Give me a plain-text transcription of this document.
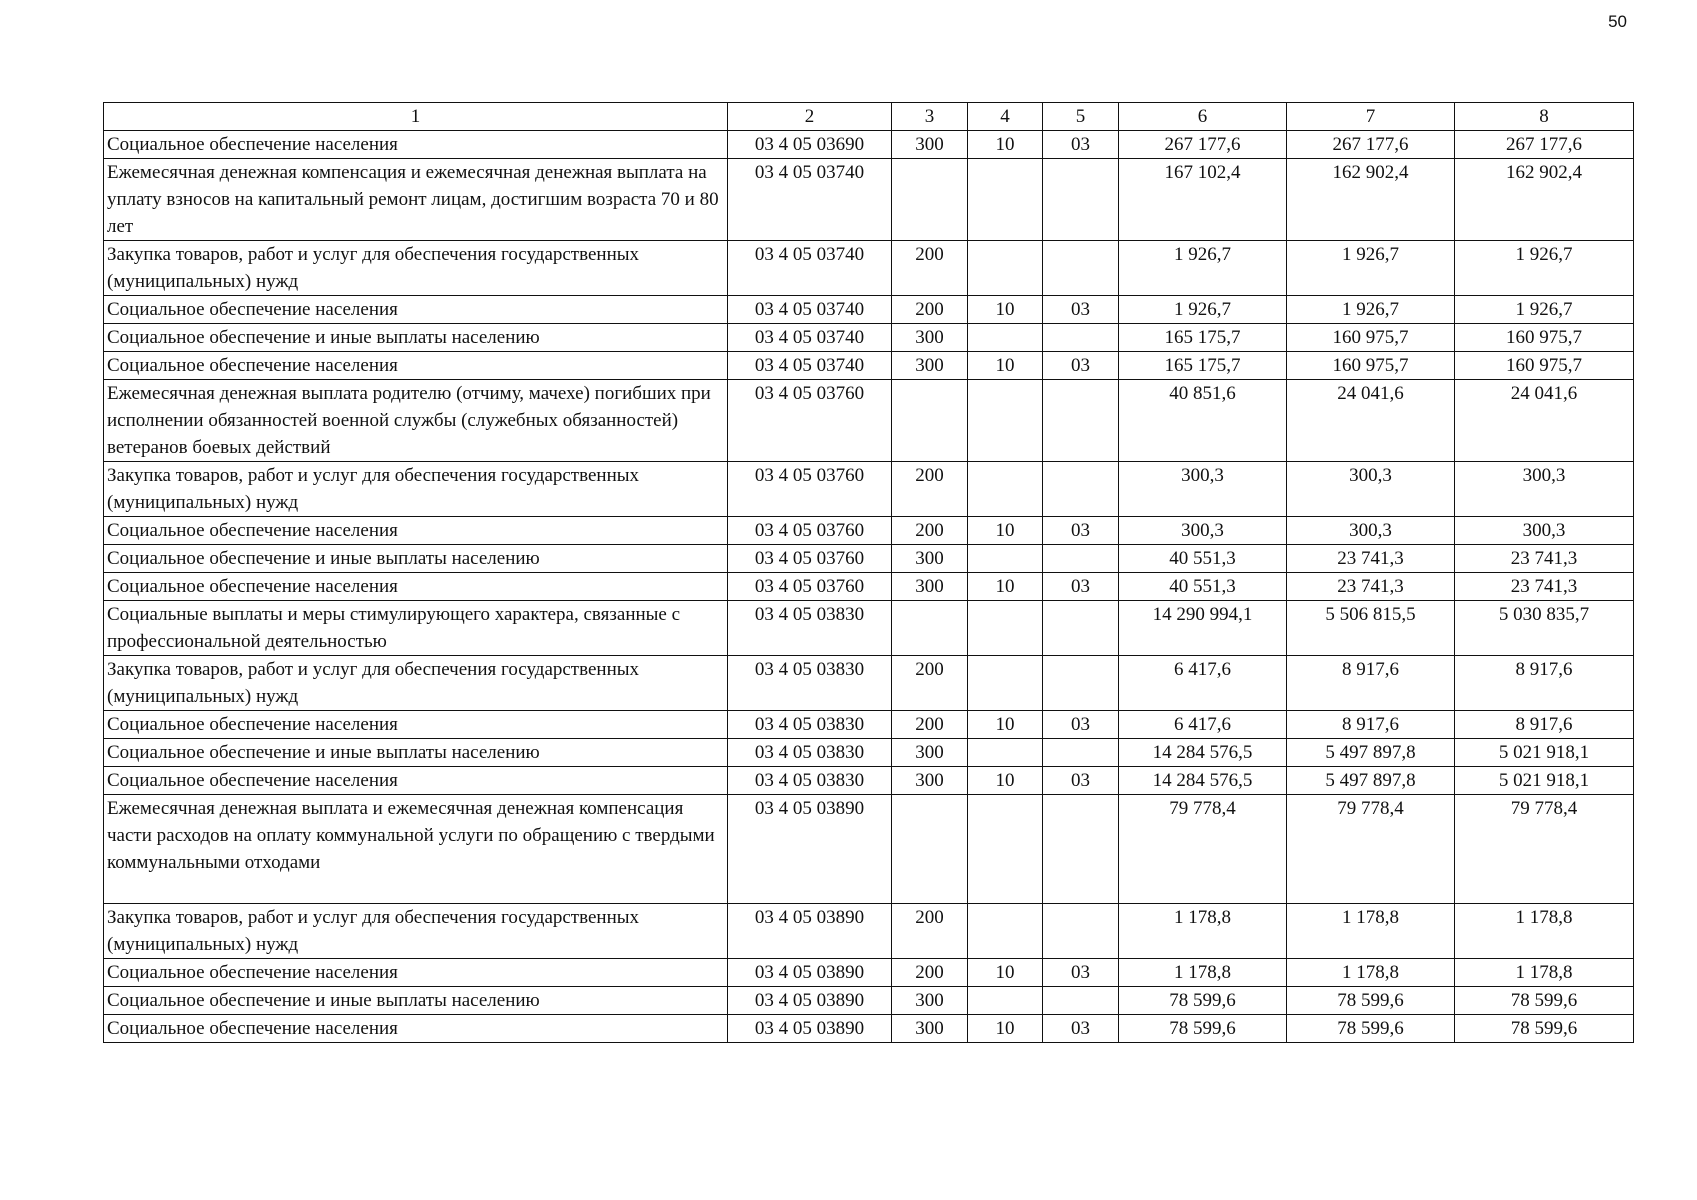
50
1	2	3	4	5	6	7	8
Социальное обеспечение населения	03 4 05 03690	300	10	03	267 177,6	267 177,6	267 177,6
Ежемесячная денежная компенсация и ежемесячная денежная выплата на уплату взносов на капитальный ремонт лицам, достигшим возраста 70 и 80 лет	03 4 05 03740				167 102,4	162 902,4	162 902,4
Закупка товаров, работ и услуг для обеспечения государственных (муниципальных) нужд	03 4 05 03740	200			1 926,7	1 926,7	1 926,7
Социальное обеспечение населения	03 4 05 03740	200	10	03	1 926,7	1 926,7	1 926,7
Социальное обеспечение и иные выплаты населению	03 4 05 03740	300			165 175,7	160 975,7	160 975,7
Социальное обеспечение населения	03 4 05 03740	300	10	03	165 175,7	160 975,7	160 975,7
Ежемесячная денежная выплата родителю (отчиму, мачехе) погибших при исполнении обязанностей военной службы (служебных обязанностей) ветеранов боевых действий	03 4 05 03760				40 851,6	24 041,6	24 041,6
Закупка товаров, работ и услуг для обеспечения государственных (муниципальных) нужд	03 4 05 03760	200			300,3	300,3	300,3
Социальное обеспечение населения	03 4 05 03760	200	10	03	300,3	300,3	300,3
Социальное обеспечение и иные выплаты населению	03 4 05 03760	300			40 551,3	23 741,3	23 741,3
Социальное обеспечение населения	03 4 05 03760	300	10	03	40 551,3	23 741,3	23 741,3
Социальные выплаты и меры стимулирующего характера, связанные с профессиональной деятельностью	03 4 05 03830				14 290 994,1	5 506 815,5	5 030 835,7
Закупка товаров, работ и услуг для обеспечения государственных (муниципальных) нужд	03 4 05 03830	200			6 417,6	8 917,6	8 917,6
Социальное обеспечение населения	03 4 05 03830	200	10	03	6 417,6	8 917,6	8 917,6
Социальное обеспечение и иные выплаты населению	03 4 05 03830	300			14 284 576,5	5 497 897,8	5 021 918,1
Социальное обеспечение населения	03 4 05 03830	300	10	03	14 284 576,5	5 497 897,8	5 021 918,1
Ежемесячная денежная выплата и ежемесячная денежная компенсация части расходов на оплату коммунальной услуги по обращению с твердыми коммунальными отходами	03 4 05 03890				79 778,4	79 778,4	79 778,4
Закупка товаров, работ и услуг для обеспечения государственных (муниципальных) нужд	03 4 05 03890	200			1 178,8	1 178,8	1 178,8
Социальное обеспечение населения	03 4 05 03890	200	10	03	1 178,8	1 178,8	1 178,8
Социальное обеспечение и иные выплаты населению	03 4 05 03890	300			78 599,6	78 599,6	78 599,6
Социальное обеспечение населения	03 4 05 03890	300	10	03	78 599,6	78 599,6	78 599,6
